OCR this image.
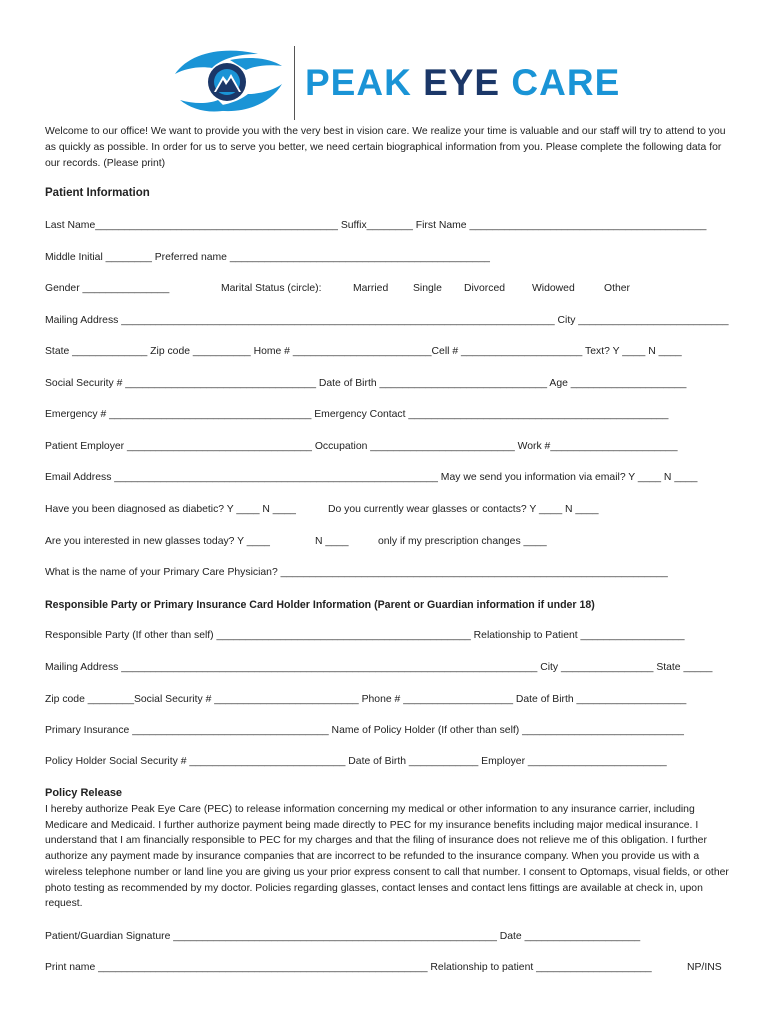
PEAK EYE CARE
Welcome to our office! We want to provide you with the very best in vision care. We realize your time is valuable and our staff will try to attend to you as quickly as possible. In order for us to serve you better, we need certain biographical information from you. Please complete the following data for our records. (Please print)
Patient Information
Last Name__________________________________________ Suffix________ First Name _________________________________________
Middle Initial ________ Preferred name _____________________________________________
Gender _______________	Marital Status (circle):	Married Single Divorced	Widowed	Other
Mailing Address ___________________________________________________________________________ City __________________________
State _____________ Zip code __________ Home # ________________________Cell # _____________________ Text? Y ____ N ____
Social Security # _________________________________ Date of Birth _____________________________ Age ____________________
Emergency # ___________________________________ Emergency Contact _____________________________________________
Patient Employer ________________________________ Occupation _________________________ Work #______________________
Email Address ________________________________________________________ May we send you information via email? Y ____ N ____
Have you been diagnosed as diabetic? Y ____ N ____	Do you currently wear glasses or contacts? Y ____ N ____
Are you interested in new glasses today? Y ____	N ____	only if my prescription changes ____
What is the name of your Primary Care Physician? ___________________________________________________________________
Responsible Party or Primary Insurance Card Holder Information (Parent or Guardian information if under 18)
Responsible Party (If other than self) ____________________________________________ Relationship to Patient __________________
Mailing Address ________________________________________________________________________ City ________________ State _____
Zip code ________Social Security # _________________________ Phone # ___________________ Date of Birth ___________________
Primary Insurance __________________________________ Name of Policy Holder (If other than self) ____________________________
Policy Holder Social Security # ___________________________ Date of Birth ____________ Employer ________________________
Policy Release
I hereby authorize Peak Eye Care (PEC) to release information concerning my medical or other information to any insurance carrier, including Medicare and Medicaid. I further authorize payment being made directly to PEC for my insurance benefits including major medical insurance. I understand that I am financially responsible to PEC for my charges and that the filing of insurance does not relieve me of this obligation. I further authorize any payment made by insurance companies that are incorrect to be refunded to the insurance company. When you provide us with a wireless telephone number or land line you are giving us your prior express consent to call that number. I consent to Optomaps, visual fields, or other photo testing as recommended by my doctor. Policies regarding glasses, contact lenses and contact lens fittings are available at check in, upon request.
Patient/Guardian Signature ________________________________________________________ Date ____________________
Print name _________________________________________________________ Relationship to patient ____________________	NP/INS
